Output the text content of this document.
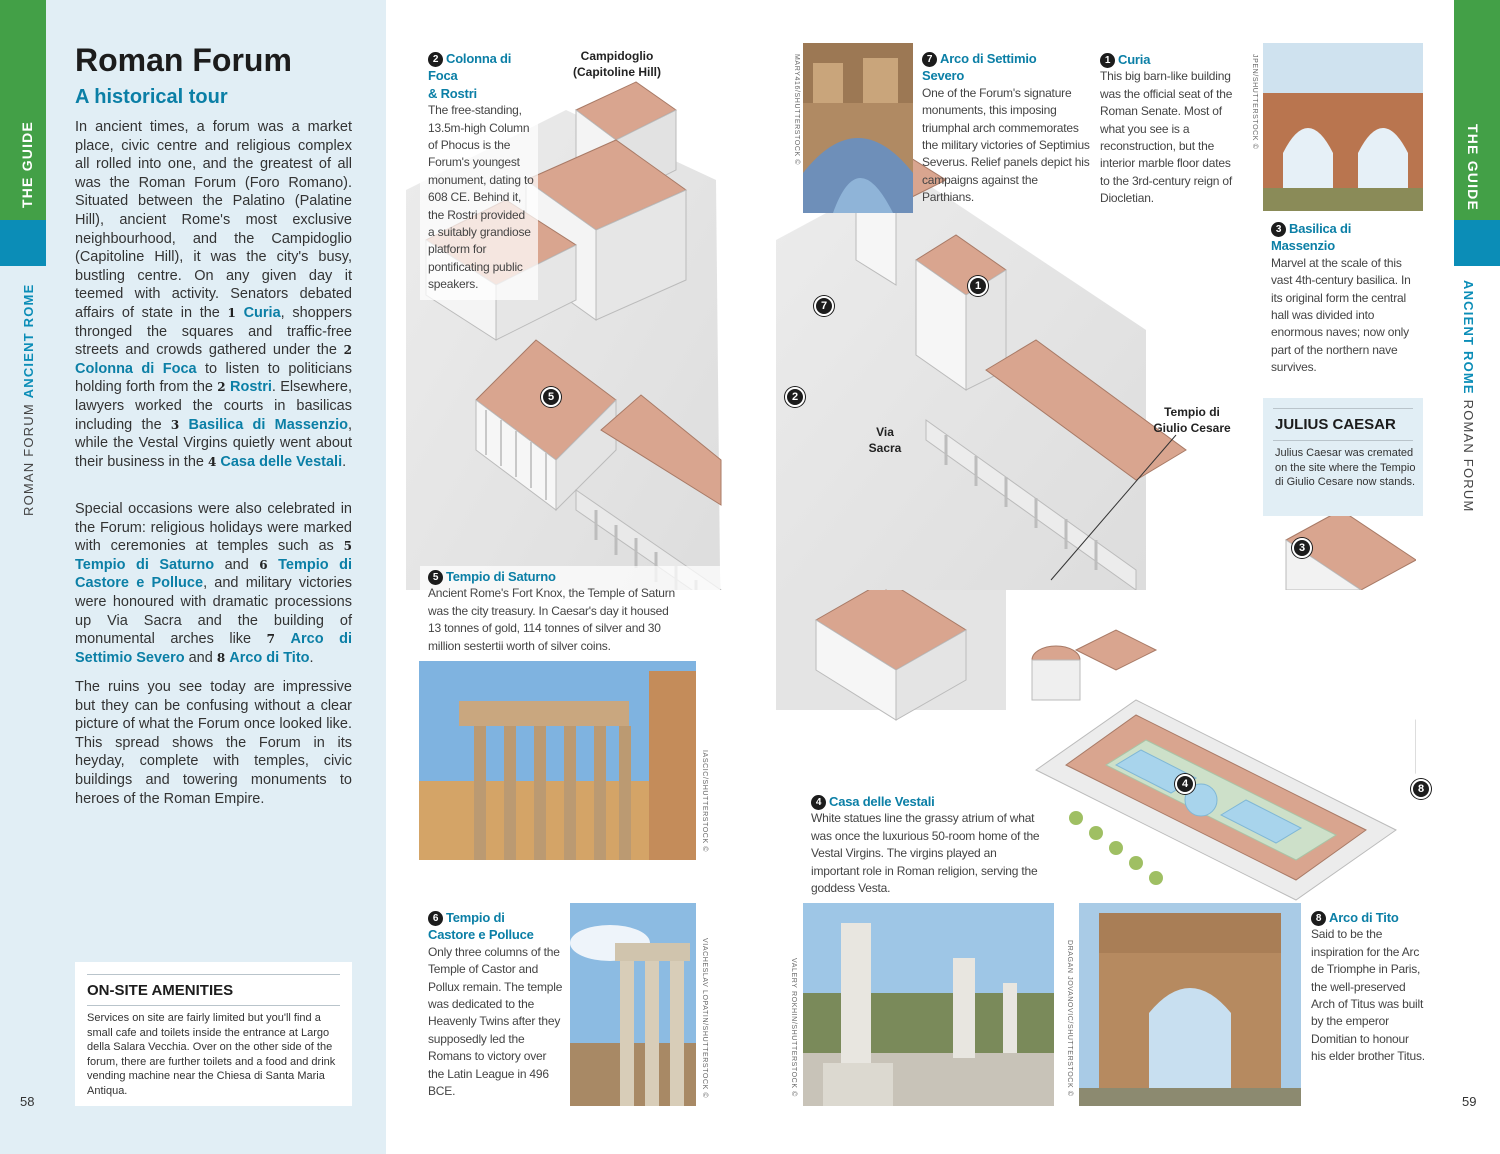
THE GUIDE
ROMAN FORUM ANCIENT ROME
58
Roman Forum
A historical tour

In ancient times, a forum was a market place, civic centre and religious complex all rolled into one, and the greatest of all was the Roman Forum (Foro Romano). Situated between the Palatino (Palatine Hill), ancient Rome's most exclusive neighbourhood, and the Campidoglio (Capitoline Hill), it was the city's busy, bustling centre. On any given day it teemed with activity. Senators debated affairs of state in the 1 Curia, shoppers thronged the squares and traffic-free streets and crowds gathered under the 2 Colonna di Foca to listen to politicians holding forth from the 2 Rostri. Elsewhere, lawyers worked the courts in basilicas including the 3 Basilica di Massenzio, while the Vestal Virgins quietly went about their business in the 4 Casa delle Vestali.

Special occasions were also celebrated in the Forum: religious holidays were marked with ceremonies at temples such as 5 Tempio di Saturno and 6 Tempio di Castore e Polluce, and military victories were honoured with dramatic processions up Via Sacra and the building of monumental arches like 7 Arco di Settimio Severo and 8 Arco di Tito.

The ruins you see today are impressive but they can be confusing without a clear picture of what the Forum once looked like. This spread shows the Forum in its heyday, complete with temples, civic buildings and towering monuments to heroes of the Roman Empire.

ON-SITE AMENITIES
Services on site are fairly limited but you'll find a small cafe and toilets inside the entrance at Largo della Salara Vecchia. Over on the other side of the forum, there are further toilets and a food and drink vending machine near the Chiesa di Santa Maria Antiqua.
THE GUIDE
ANCIENT ROME ROMAN FORUM
59
Campidoglio
(Capitoline Hill)
Via
Sacra
Tempio di
Giulio Cesare
1
2
3
4
5
7
8
2 Colonna di
Foca
& Rostri
The free-standing, 13.5m-high Column of Phocus is the Forum's youngest monument, dating to 608 CE. Behind it, the Rostri provided a suitably grandiose platform for pontificating public speakers.
MARY416/SHUTTERSTOCK ©	7 Arco di Settimio
Severo
One of the Forum's signature monuments, this imposing triumphal arch commemorates the military victories of Septimius Severus. Relief panels depict his campaigns against the Parthians.
1 Curia
This big barn-like building was the official seat of the Roman Senate. Most of what you see is a reconstruction, but the interior marble floor dates to the 3rd-century reign of Diocletian.
JPEN/SHUTTERSTOCK ©
3 Basilica di
Massenzio
Marvel at the scale of this vast 4th-century basilica. In its original form the central hall was divided into enormous naves; now only part of the northern nave survives.
JULIUS CAESAR
Julius Caesar was cremated on the site where the Tempio di Giulio Cesare now stands.
5 Tempio di Saturno
Ancient Rome's Fort Knox, the Temple of Saturn was the city treasury. In Caesar's day it housed 13 tonnes of gold, 114 tonnes of silver and 30 million sestertii worth of silver coins.
IASCIC/SHUTTERSTOCK ©	4 Casa delle Vestali
White statues line the grassy atrium of what was once the luxurious 50-room home of the Vestal Virgins. The virgins played an important role in Roman religion, serving the goddess Vesta.
6 Tempio di
Castore e Polluce
Only three columns of the Temple of Castor and Pollux remain. The temple was dedicated to the Heavenly Twins after they supposedly led the Romans to victory over the Latin League in 496 BCE.	VIACHESLAV LOPATIN/SHUTTERSTOCK ©	VALERY ROKHIN/SHUTTERSTOCK ©	DRAGAN JOVANOVIC/SHUTTERSTOCK ©
8 Arco di Tito
Said to be the inspiration for the Arc de Triomphe in Paris, the well-preserved Arch of Titus was built by the emperor Domitian to honour his elder brother Titus.
